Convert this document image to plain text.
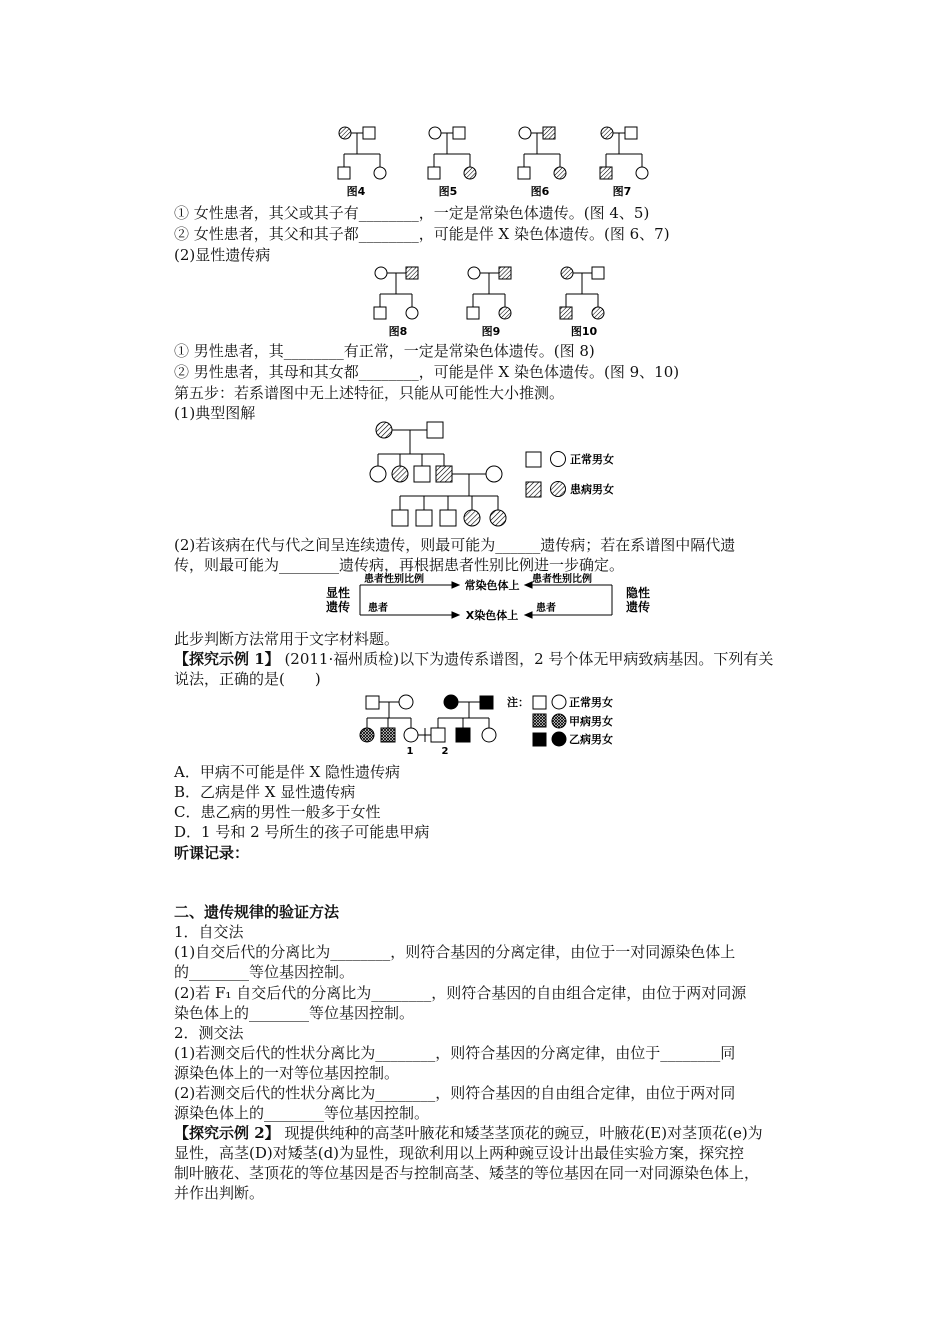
图4	图5	图6	图7
① 女性患者，其父或其子有________，一定是常染色体遗传。(图 4、5)
② 女性患者，其父和其子都________，可能是伴 X 染色体遗传。(图 6、7)
(2)显性遗传病
图8	图9	图10
① 男性患者，其________有正常，一定是常染色体遗传。(图 8)
② 男性患者，其母和其女都________，可能是伴 X 染色体遗传。(图 9、10)
第五步：若系谱图中无上述特征，只能从可能性大小推测。
(1)典型图解
正常男女
患病男女
(2)若该病在代与代之间呈连续遗传，则最可能为______遗传病；若在系谱图中隔代遗
传，则最可能为________遗传病，再根据患者性别比例进一步确定。
显性
遗传
隐性
遗传
常染色体上
X染色体上
患者性别比例	患者性别比例
患者	患者
此步判断方法常用于文字材料题。
【探究示例 1】 (2011·福州质检)以下为遗传系谱图，2 号个体无甲病致病基因。下列有关
说法，正确的是(　　)
1	2
注：	正常男女
甲病男女
乙病男女
A．甲病不可能是伴 X 隐性遗传病
B．乙病是伴 X 显性遗传病
C．患乙病的男性一般多于女性
D．1 号和 2 号所生的孩子可能患甲病
听课记录：
二、遗传规律的验证方法
1．自交法
(1)自交后代的分离比为________，则符合基因的分离定律，由位于一对同源染色体上
的________等位基因控制。
(2)若 F₁ 自交后代的分离比为________，则符合基因的自由组合定律，由位于两对同源
染色体上的________等位基因控制。
2．测交法
(1)若测交后代的性状分离比为________，则符合基因的分离定律，由位于________同
源染色体上的一对等位基因控制。
(2)若测交后代的性状分离比为________，则符合基因的自由组合定律，由位于两对同
源染色体上的________等位基因控制。
【探究示例 2】 现提供纯种的高茎叶腋花和矮茎茎顶花的豌豆，叶腋花(E)对茎顶花(e)为
显性，高茎(D)对矮茎(d)为显性，现欲利用以上两种豌豆设计出最佳实验方案，探究控
制叶腋花、茎顶花的等位基因是否与控制高茎、矮茎的等位基因在同一对同源染色体上，
并作出判断。
